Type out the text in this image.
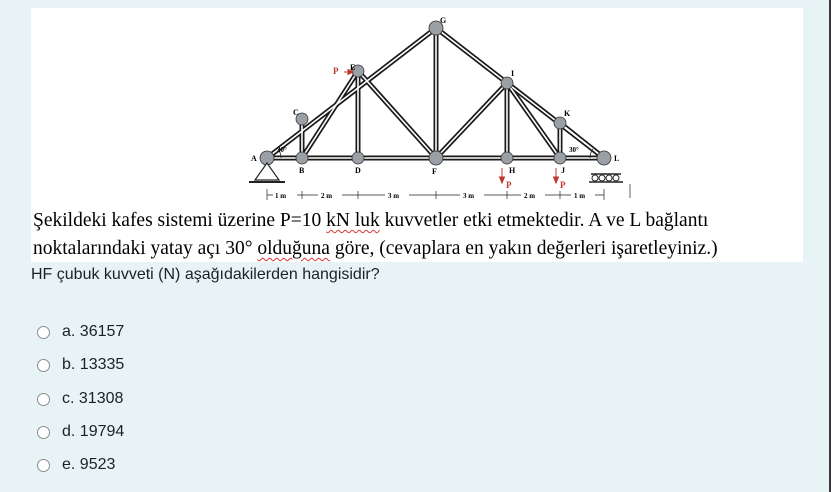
A
B
C
D
E
F
G
H
I
J
K
L
30°	30°
P
P	P
1 m	2 m	3 m	3 m	2 m	1 m
Şekildeki kafes sistemi üzerine P=10 kN luk kuvvetler etki etmektedir. A ve L bağlantı
noktalarındaki yatay açı 30° olduğuna göre, (cevaplara en yakın değerleri işaretleyiniz.)
HF çubuk kuvveti (N) aşağıdakilerden hangisidir?
a. 36157
b. 13335
c. 31308
d. 19794
e. 9523
